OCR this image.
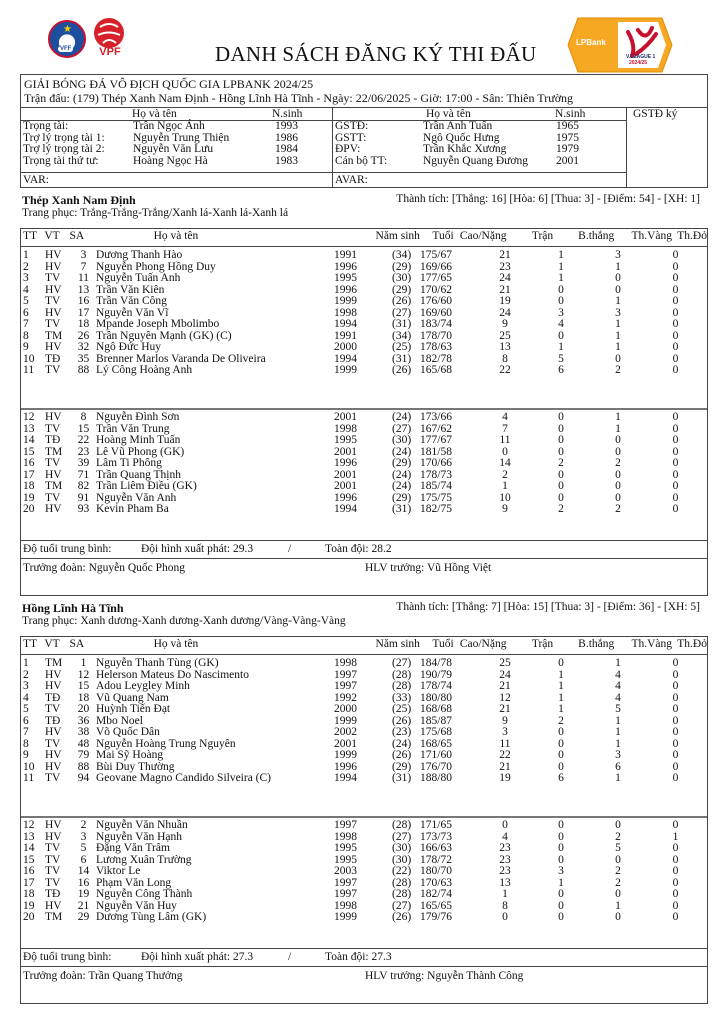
★
VFF	VPF	DANH SÁCH ĐĂNG KÝ THI ĐẤU	LPBank
V.LEAGUE 1
2024/25
GIẢI BÓNG ĐÁ VÔ ĐỊCH QUỐC GIA LPBANK 2024/25
Trận đấu: (179) Thép Xanh Nam Định - Hồng Lĩnh Hà Tĩnh - Ngày: 22/06/2025 - Giờ: 17:00 - Sân: Thiên Trường
Họ và tên	N.sinh	Họ và tên	N.sinh	GSTĐ ký
Trọng tài:	Trần Ngọc Ánh	1993
Trợ lý trọng tài 1:	Nguyễn Trung Thiện	1986
Trợ lý trọng tài 2:	Nguyễn Văn Lưu	1984
Trọng tài thứ tư:	Hoàng Ngọc Hà	1983
GSTĐ:	Trần Anh Tuấn	1965
GSTT:	Ngô Quốc Hưng	1975
ĐPV:	Trần Khắc Xương	1979
Cán bộ TT:	Nguyễn Quang Đương	2001
VAR:	AVAR:
Thép Xanh Nam Định	Thành tích: [Thắng: 16] [Hòa: 6] [Thua: 3] - [Điểm: 54] - [XH: 1]
Trang phục: Trắng-Trắng-Trắng/Xanh lá-Xanh lá-Xanh lá
TT	VT	SA	Họ và tên	Năm sinh	Tuổi	Cao/Nặng	Trận	B.thắng	Th.Vàng	Th.Đỏ
1	HV	3	Dương Thanh Hào	1991	(34)	175/67	21	1	3	0
2	HV	7	Nguyễn Phong Hồng Duy	1996	(29)	169/66	23	1	1	0
3	TV	11	Nguyễn Tuấn Anh	1995	(30)	177/65	24	1	0	0
4	HV	13	Trần Văn Kiên	1996	(29)	170/62	21	0	0	0
5	TV	16	Trần Văn Công	1999	(26)	176/60	19	0	1	0
6	HV	17	Nguyễn Văn Vĩ	1998	(27)	169/60	24	3	3	0
7	TV	18	Mpande Joseph Mbolimbo	1994	(31)	183/74	9	4	1	0
8	TM	26	Trần Nguyên Mạnh (GK) (C)	1991	(34)	178/70	25	0	1	0
9	HV	32	Ngô Đức Huy	2000	(25)	178/63	13	1	1	0
10	TĐ	35	Brenner Marlos Varanda De Oliveira	1994	(31)	182/78	8	5	0	0
11	TV	88	Lý Công Hoàng Anh	1999	(26)	165/68	22	6	2	0
12	HV	8	Nguyễn Đình Sơn	2001	(24)	173/66	4	0	1	0
13	TV	15	Trần Văn Trung	1998	(27)	167/62	7	0	1	0
14	TĐ	22	Hoàng Minh Tuấn	1995	(30)	177/67	11	0	0	0
15	TM	23	Lê Vũ Phong (GK)	2001	(24)	181/58	0	0	0	0
16	TV	39	Lâm Ti Phông	1996	(29)	170/66	14	2	2	0
17	HV	71	Trần Quang Thịnh	2001	(24)	178/73	2	0	0	0
18	TM	82	Trần Liêm Điều (GK)	2001	(24)	185/74	1	0	0	0
19	TV	91	Nguyễn Văn Anh	1996	(29)	175/75	10	0	0	0
20	HV	93	Kevin Pham Ba	1994	(31)	182/75	9	2	2	0
Độ tuổi trung bình:	Đội hình xuất phát: 29.3	/	Toàn đội: 28.2
Trưởng đoàn: Nguyễn Quốc Phong	HLV trưởng: Vũ Hồng Việt
Hồng Lĩnh Hà Tĩnh	Thành tích: [Thắng: 7] [Hòa: 15] [Thua: 3] - [Điểm: 36] - [XH: 5]
Trang phục: Xanh dương-Xanh dương-Xanh dương/Vàng-Vàng-Vàng
TT	VT	SA	Họ và tên	Năm sinh	Tuổi	Cao/Nặng	Trận	B.thắng	Th.Vàng	Th.Đỏ
1	TM	1	Nguyễn Thanh Tùng (GK)	1998	(27)	184/78	25	0	1	0
2	HV	12	Helerson Mateus Do Nascimento	1997	(28)	190/79	24	1	4	0
3	HV	15	Adou Leygley Minh	1997	(28)	178/74	21	1	4	0
4	TĐ	18	Vũ Quang Nam	1992	(33)	180/80	12	1	4	0
5	TV	20	Huỳnh Tiến Đạt	2000	(25)	168/68	21	1	5	0
6	TĐ	36	Mbo Noel	1999	(26)	185/87	9	2	1	0
7	HV	38	Võ Quốc Dân	2002	(23)	175/68	3	0	1	0
8	TV	48	Nguyễn Hoàng Trung Nguyên	2001	(24)	168/65	11	0	1	0
9	HV	79	Mai Sỹ Hoàng	1999	(26)	171/60	22	0	3	0
10	HV	88	Bùi Duy Thường	1996	(29)	176/70	21	0	6	0
11	TV	94	Geovane Magno Candido Silveira (C)	1994	(31)	188/80	19	6	1	0
12	HV	2	Nguyễn Văn Nhuần	1997	(28)	171/65	0	0	0	0
13	HV	3	Nguyễn Văn Hạnh	1998	(27)	173/73	4	0	2	1
14	TV	5	Đặng Văn Trâm	1995	(30)	166/63	23	0	5	0
15	TV	6	Lương Xuân Trường	1995	(30)	178/72	23	0	0	0
16	TV	14	Viktor Le	2003	(22)	180/70	23	3	2	0
17	TV	16	Phạm Văn Long	1997	(28)	170/63	13	1	2	0
18	TĐ	19	Nguyễn Công Thành	1997	(28)	182/74	1	0	0	0
19	HV	21	Nguyễn Văn Huy	1998	(27)	165/65	8	0	1	0
20	TM	29	Dương Tùng Lâm (GK)	1999	(26)	179/76	0	0	0	0
Độ tuổi trung bình:	Đội hình xuất phát: 27.3	/	Toàn đội: 27.3
Trưởng đoàn: Trần Quang Thưởng	HLV trưởng: Nguyễn Thành Công
